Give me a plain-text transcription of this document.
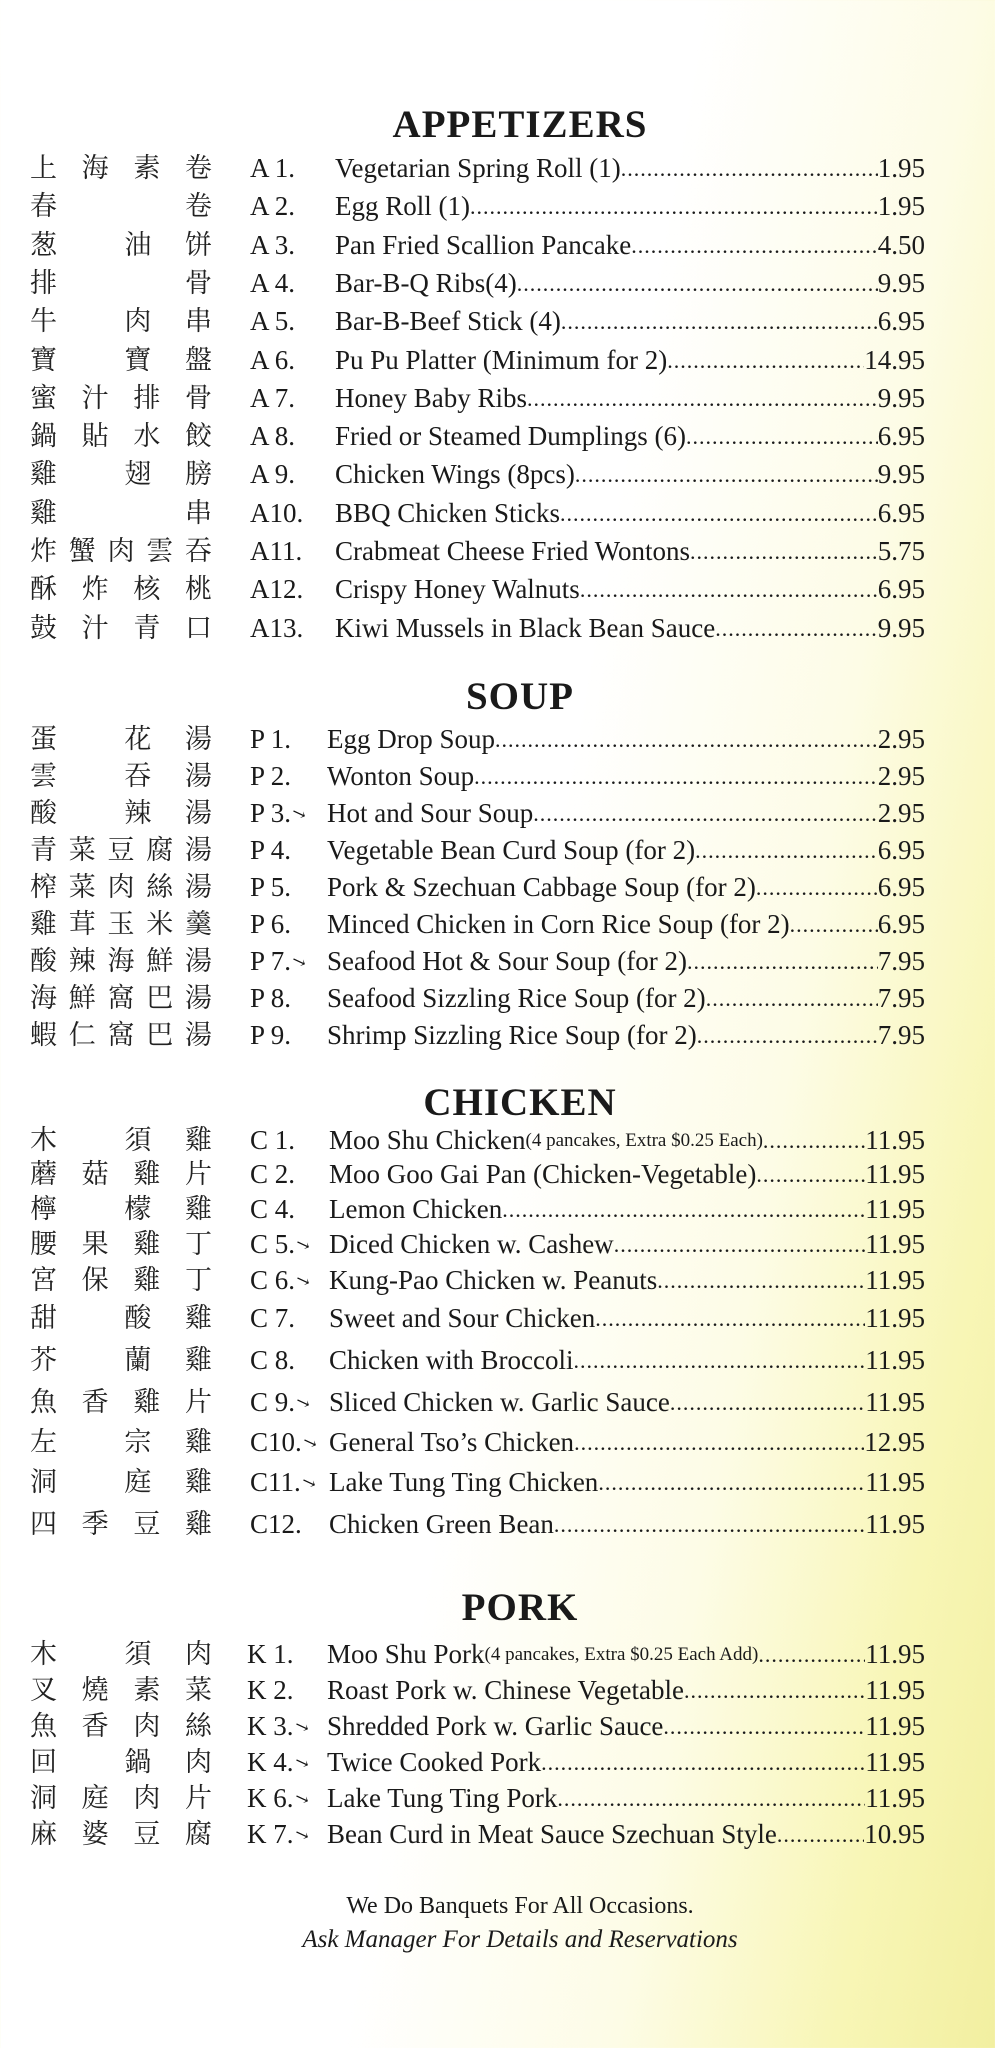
APPETIZERS
上 海 素 卷 A 1. Vegetarian Spring Roll (1) .....	1.95
春	卷 A 2. Egg Roll (1) .....	1.95
葱 油 饼 A 3. Pan Fried Scallion Pancake .....	4.50
排	骨 A 4. Bar-B-Q Ribs(4) .....	9.95
牛 肉 串 A 5. Bar-B-Beef Stick (4) .....	6.95
寶 寶 盤 A 6. Pu Pu Platter (Minimum for 2) .....	14.95
蜜 汁 排 骨 A 7. Honey Baby Ribs .....	9.95
鍋 貼 水 餃 A 8. Fried or Steamed Dumplings (6) .....	6.95
雞 翅 膀 A 9. Chicken Wings (8pcs) .....	9.95
雞	串 A10. BBQ Chicken Sticks .....	6.95
炸 蟹 肉 雲 吞 A11. Crabmeat Cheese Fried Wontons .....	5.75
酥 炸 核 桃 A12. Crispy Honey Walnuts .....	6.95
鼓 汁 青 口 A13. Kiwi Mussels in Black Bean Sauce .....	9.95
SOUP
蛋 花 湯 P 1. Egg Drop Soup .....	2.95
雲 吞 湯 P 2. Wonton Soup .....	2.95
酸 辣 湯 P 3.↘ Hot and Sour Soup .....	2.95
青 菜 豆 腐 湯 P 4. Vegetable Bean Curd Soup (for 2) .....	6.95
榨 菜 肉 絲 湯 P 5. Pork & Szechuan Cabbage Soup (for 2) .....	6.95
雞 茸 玉 米 羹 P 6. Minced Chicken in Corn Rice Soup (for 2) .....	6.95
酸 辣 海 鮮 湯 P 7.↘ Seafood Hot & Sour Soup (for 2) .....	7.95
海 鮮 窩 巴 湯 P 8. Seafood Sizzling Rice Soup (for 2) .....	7.95
蝦 仁 窩 巴 湯 P 9. Shrimp Sizzling Rice Soup (for 2) .....	7.95
CHICKEN
木 須 雞 C 1. Moo Shu Chicken (4 pancakes, Extra $0.25 Each) .....	11.95
蘑 菇 雞 片 C 2. Moo Goo Gai Pan (Chicken-Vegetable) .....	11.95
檸 檬 雞 C 4. Lemon Chicken .....	11.95
腰 果 雞 丁 C 5.↘ Diced Chicken w. Cashew .....	11.95
宮 保 雞 丁 C 6.↘ Kung-Pao Chicken w. Peanuts .....	11.95
甜 酸 雞 C 7. Sweet and Sour Chicken .....	11.95
芥 蘭 雞 C 8. Chicken with Broccoli .....	11.95
魚 香 雞 片 C 9.↘ Sliced Chicken w. Garlic Sauce .....	11.95
左 宗 雞 C10.↘ General Tso’s Chicken .....	12.95
洞 庭 雞 C11.↘ Lake Tung Ting Chicken .....	11.95
四 季 豆 雞 C12. Chicken Green Bean .....	11.95
PORK
木 須 肉 K 1. Moo Shu Pork (4 pancakes, Extra $0.25 Each Add) .....	11.95
叉 燒 素 菜 K 2. Roast Pork w. Chinese Vegetable .....	11.95
魚 香 肉 絲 K 3.↘ Shredded Pork w. Garlic Sauce .....	11.95
回 鍋 肉 K 4.↘ Twice Cooked Pork .....	11.95
洞 庭 肉 片 K 6.↘ Lake Tung Ting Pork .....	11.95
麻 婆 豆 腐 K 7.↘ Bean Curd in Meat Sauce Szechuan Style .....	10.95
We Do Banquets For All Occasions.
Ask Manager For Details and Reservations
